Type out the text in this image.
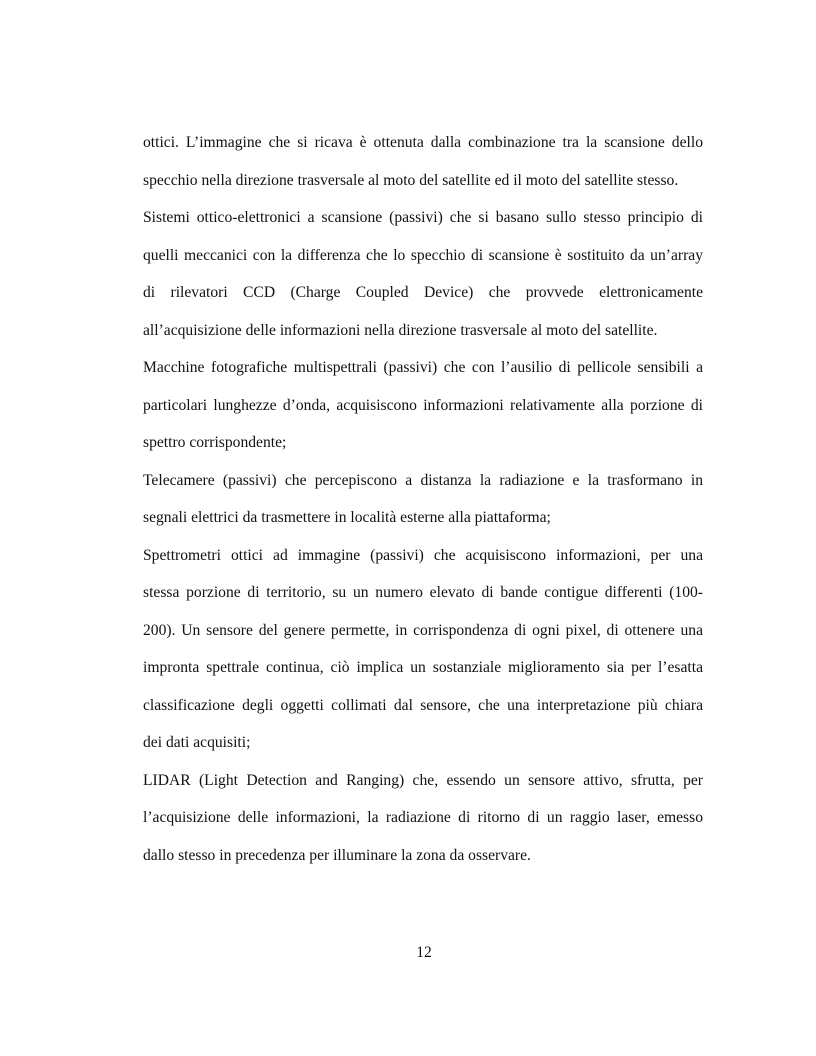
ottici. L’immagine che si ricava è ottenuta dalla combinazione tra la scansione dello
specchio nella direzione trasversale al moto del satellite ed il moto del satellite stesso.
Sistemi ottico-elettronici a scansione (passivi) che si basano sullo stesso principio di
quelli meccanici con la differenza che lo specchio di scansione è sostituito da un’array
di rilevatori CCD (Charge Coupled Device) che provvede elettronicamente
all’acquisizione delle informazioni nella direzione trasversale al moto del satellite.
Macchine fotografiche multispettrali (passivi) che con l’ausilio di pellicole sensibili a
particolari lunghezze d’onda, acquisiscono informazioni relativamente alla porzione di
spettro corrispondente;
Telecamere (passivi) che percepiscono a distanza la radiazione e la trasformano in
segnali elettrici da trasmettere in località esterne alla piattaforma;
Spettrometri ottici ad immagine (passivi) che acquisiscono informazioni, per una
stessa porzione di territorio, su un numero elevato di bande contigue differenti (100-
200). Un sensore del genere permette, in corrispondenza di ogni pixel, di ottenere una
impronta spettrale continua, ciò implica un sostanziale miglioramento sia per l’esatta
classificazione degli oggetti collimati dal sensore, che una interpretazione più chiara
dei dati acquisiti;
LIDAR (Light Detection and Ranging) che, essendo un sensore attivo, sfrutta, per
l’acquisizione delle informazioni, la radiazione di ritorno di un raggio laser, emesso
dallo stesso in precedenza per illuminare la zona da osservare.
12
